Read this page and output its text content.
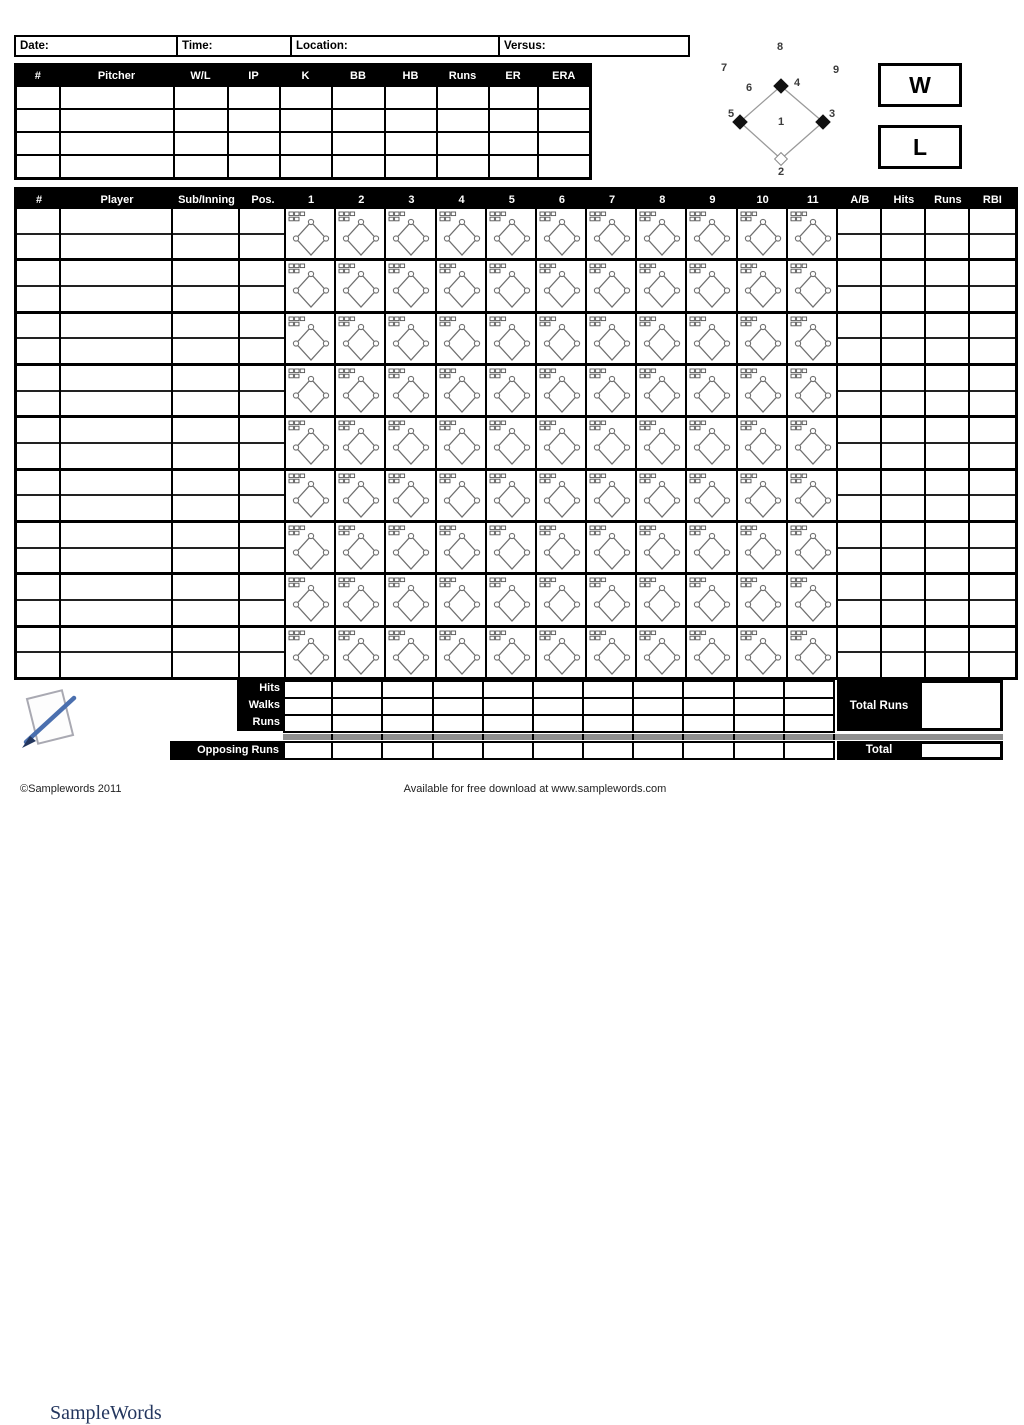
Date:	Time:	Location:	Versus:
#	Pitcher	W/L	IP	K	BB	HB	Runs	ER	ERA

1
2
3
4
5
6
7
8
9
W
L
#	Player	Sub/Inning	Pos.	1	2	3	4	5	6	7	8	9	10	11	A/B	Hits	Runs	RBI
Hits
Walks
Runs
Opposing Runs
Total Runs
Total
SampleWords
©Samplewords 2011	Available for free download at www.samplewords.com
